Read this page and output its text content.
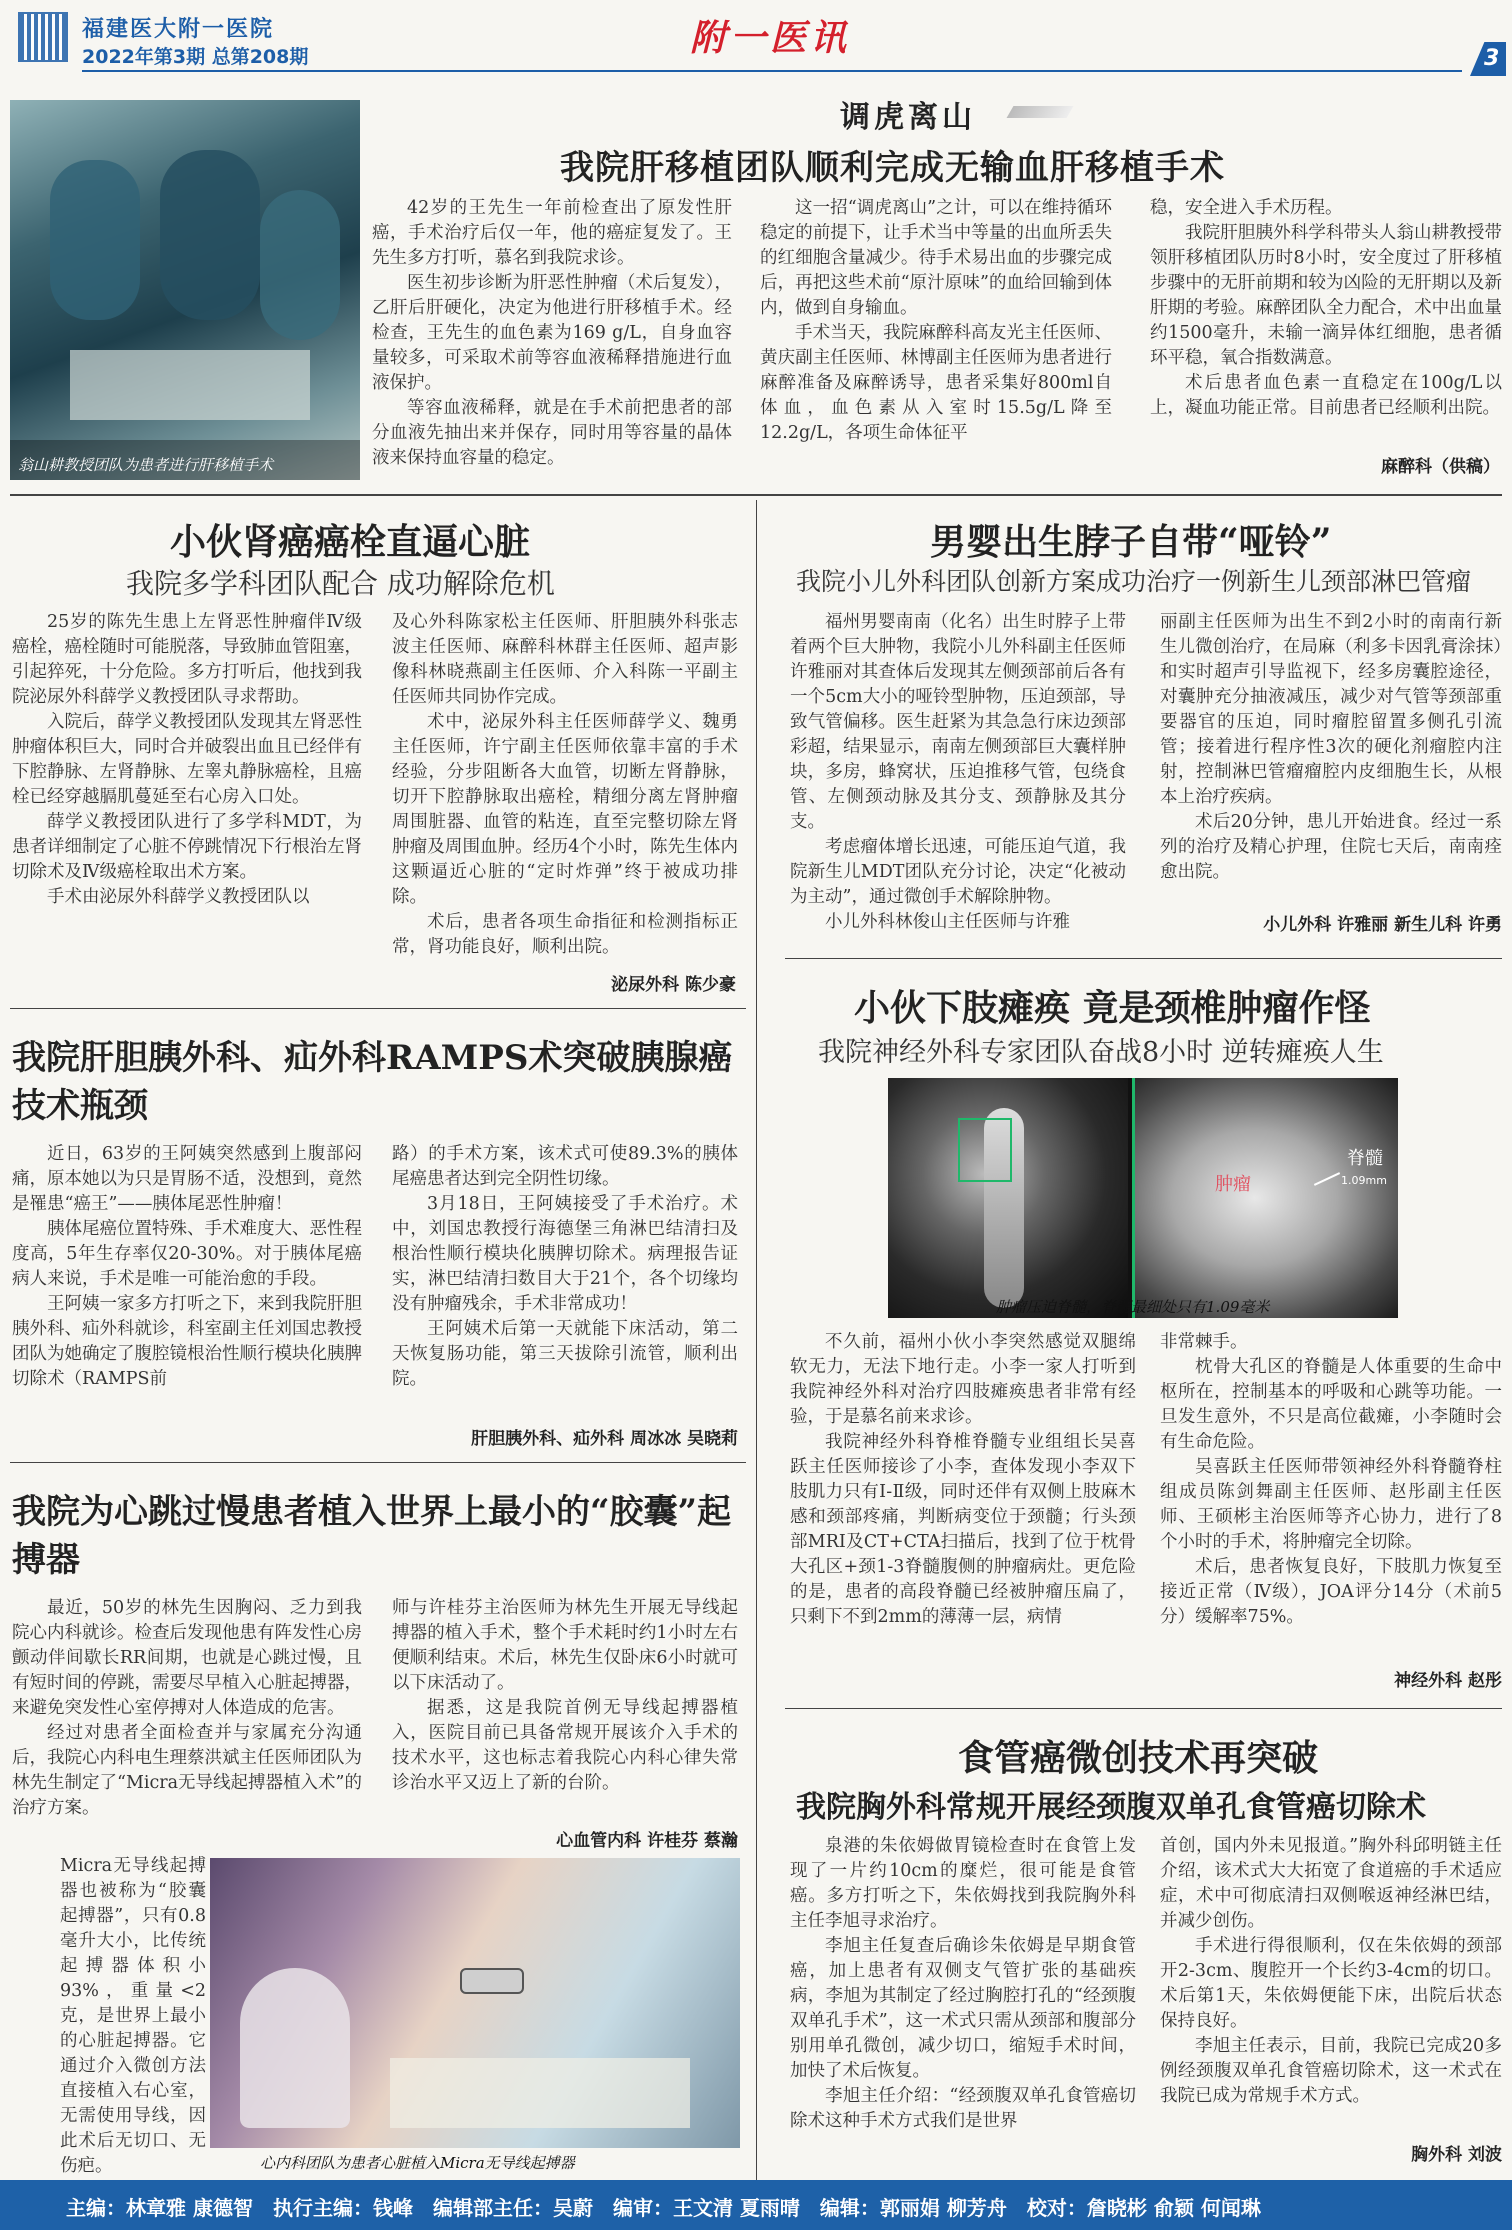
福建医大附一医院
2022年第3期 总第208期	附一医讯	3
翁山耕教授团队为患者进行肝移植手术
调虎离山
我院肝移植团队顺利完成无输血肝移植手术

42岁的王先生一年前检查出了原发性肝癌，手术治疗后仅一年，他的癌症复发了。王先生多方打听，慕名到我院求诊。

医生初步诊断为肝恶性肿瘤（术后复发），乙肝后肝硬化，决定为他进行肝移植手术。经检查，王先生的血色素为169 g/L，自身血容量较多，可采取术前等容血液稀释措施进行血液保护。

等容血液稀释，就是在手术前把患者的部分血液先抽出来并保存，同时用等容量的晶体液来保持血容量的稳定。

这一招“调虎离山”之计，可以在维持循环稳定的前提下，让手术当中等量的出血所丢失的红细胞含量减少。待手术易出血的步骤完成后，再把这些术前“原汁原味”的血给回输到体内，做到自身输血。

手术当天，我院麻醉科高友光主任医师、黄庆副主任医师、林博副主任医师为患者进行麻醉准备及麻醉诱导，患者采集好800ml自体血，血色素从入室时15.5g/L降至12.2g/L，各项生命体征平

稳，安全进入手术历程。

我院肝胆胰外科学科带头人翁山耕教授带领肝移植团队历时8小时，安全度过了肝移植步骤中的无肝前期和较为凶险的无肝期以及新肝期的考验。麻醉团队全力配合，术中出血量约1500毫升，未输一滴异体红细胞，患者循环平稳，氧合指数满意。

术后患者血色素一直稳定在100g/L以上，凝血功能正常。目前患者已经顺利出院。

麻醉科（供稿）
小伙肾癌癌栓直逼心脏
我院多学科团队配合 成功解除危机

25岁的陈先生患上左肾恶性肿瘤伴Ⅳ级癌栓，癌栓随时可能脱落，导致肺血管阻塞，引起猝死，十分危险。多方打听后，他找到我院泌尿外科薛学义教授团队寻求帮助。

入院后，薛学义教授团队发现其左肾恶性肿瘤体积巨大，同时合并破裂出血且已经伴有下腔静脉、左肾静脉、左睾丸静脉癌栓，且癌栓已经穿越膈肌蔓延至右心房入口处。

薛学义教授团队进行了多学科MDT，为患者详细制定了心脏不停跳情况下行根治左肾切除术及Ⅳ级癌栓取出术方案。

手术由泌尿外科薛学义教授团队以

及心外科陈家松主任医师、肝胆胰外科张志波主任医师、麻醉科林群主任医师、超声影像科林晓燕副主任医师、介入科陈一平副主任医师共同协作完成。

术中，泌尿外科主任医师薛学义、魏勇主任医师，许宁副主任医师依靠丰富的手术经验，分步阻断各大血管，切断左肾静脉，切开下腔静脉取出癌栓，精细分离左肾肿瘤周围脏器、血管的粘连，直至完整切除左肾肿瘤及周围血肿。经历4个小时，陈先生体内这颗逼近心脏的“定时炸弹”终于被成功排除。

术后，患者各项生命指征和检测指标正常，肾功能良好，顺利出院。

泌尿外科 陈少豪
男婴出生脖子自带“哑铃”
我院小儿外科团队创新方案成功治疗一例新生儿颈部淋巴管瘤

福州男婴南南（化名）出生时脖子上带着两个巨大肿物，我院小儿外科副主任医师许雅丽对其查体后发现其左侧颈部前后各有一个5cm大小的哑铃型肿物，压迫颈部，导致气管偏移。医生赶紧为其急急行床边颈部彩超，结果显示，南南左侧颈部巨大囊样肿块，多房，蜂窝状，压迫推移气管，包绕食管、左侧颈动脉及其分支、颈静脉及其分支。

考虑瘤体增长迅速，可能压迫气道，我院新生儿MDT团队充分讨论，决定“化被动为主动”，通过微创手术解除肿物。

小儿外科林俊山主任医师与许雅

丽副主任医师为出生不到2小时的南南行新生儿微创治疗，在局麻（利多卡因乳膏涂抹）和实时超声引导监视下，经多房囊腔途径，对囊肿充分抽液减压，减少对气管等颈部重要器官的压迫，同时瘤腔留置多侧孔引流管；接着进行程序性3次的硬化剂瘤腔内注射，控制淋巴管瘤瘤腔内皮细胞生长，从根本上治疗疾病。

术后20分钟，患儿开始进食。经过一系列的治疗及精心护理，住院七天后，南南痊愈出院。

小儿外科 许雅丽 新生儿科 许勇
我院肝胆胰外科、疝外科RAMPS术突破胰腺癌技术瓶颈

近日，63岁的王阿姨突然感到上腹部闷痛，原本她以为只是胃肠不适，没想到，竟然是罹患“癌王”——胰体尾恶性肿瘤！

胰体尾癌位置特殊、手术难度大、恶性程度高，5年生存率仅20-30%。对于胰体尾癌病人来说，手术是唯一可能治愈的手段。

王阿姨一家多方打听之下，来到我院肝胆胰外科、疝外科就诊，科室副主任刘国忠教授团队为她确定了腹腔镜根治性顺行模块化胰脾切除术（RAMPS前

路）的手术方案，该术式可使89.3%的胰体尾癌患者达到完全阴性切缘。

3月18日，王阿姨接受了手术治疗。术中，刘国忠教授行海德堡三角淋巴结清扫及根治性顺行模块化胰脾切除术。病理报告证实，淋巴结清扫数目大于21个，各个切缘均没有肿瘤残余，手术非常成功！

王阿姨术后第一天就能下床活动，第二天恢复肠功能，第三天拔除引流管，顺利出院。

肝胆胰外科、疝外科 周冰冰 吴晓莉
小伙下肢瘫痪 竟是颈椎肿瘤作怪
我院神经外科专家团队奋战8小时 逆转瘫痪人生
肿瘤
脊髓
1.09mm
肿瘤压迫脊髓，脊髓最细处只有1.09毫米

不久前，福州小伙小李突然感觉双腿绵软无力，无法下地行走。小李一家人打听到我院神经外科对治疗四肢瘫痪患者非常有经验，于是慕名前来求诊。

我院神经外科脊椎脊髓专业组组长吴喜跃主任医师接诊了小李，查体发现小李双下肢肌力只有Ⅰ-Ⅱ级，同时还伴有双侧上肢麻木感和颈部疼痛，判断病变位于颈髓；行头颈部MRI及CT+CTA扫描后，找到了位于枕骨大孔区+颈1-3脊髓腹侧的肿瘤病灶。更危险的是，患者的高段脊髓已经被肿瘤压扁了，只剩下不到2mm的薄薄一层，病情

非常棘手。

枕骨大孔区的脊髓是人体重要的生命中枢所在，控制基本的呼吸和心跳等功能。一旦发生意外，不只是高位截瘫，小李随时会有生命危险。

吴喜跃主任医师带领神经外科脊髓脊柱组成员陈剑舞副主任医师、赵彤副主任医师、王硕彬主治医师等齐心协力，进行了8个小时的手术，将肿瘤完全切除。

术后，患者恢复良好，下肢肌力恢复至接近正常（Ⅳ级），JOA评分14分（术前5分）缓解率75%。

神经外科 赵彤
我院为心跳过慢患者植入世界上最小的“胶囊”起搏器

最近，50岁的林先生因胸闷、乏力到我院心内科就诊。检查后发现他患有阵发性心房颤动伴间歇长RR间期，也就是心跳过慢，且有短时间的停跳，需要尽早植入心脏起搏器，来避免突发性心室停搏对人体造成的危害。

经过对患者全面检查并与家属充分沟通后，我院心内科电生理蔡洪斌主任医师团队为林先生制定了“Micra无导线起搏器植入术”的治疗方案。

师与许桂芬主治医师为林先生开展无导线起搏器的植入手术，整个手术耗时约1小时左右便顺利结束。术后，林先生仅卧床6小时就可以下床活动了。

据悉，这是我院首例无导线起搏器植入，医院目前已具备常规开展该介入手术的技术水平，这也标志着我院心内科心律失常诊治水平又迈上了新的台阶。

心血管内科 许桂芬 蔡瀚

Micra无导线起搏器也被称为“胶囊起搏器”，只有0.8毫升大小，比传统起搏器体积小93%，重量<2克，是世界上最小的心脏起搏器。它通过介入微创方法直接植入右心室，无需使用导线，因此术后无切口、无伤疤。	心内科团队为患者心脏植入Micra无导线起搏器
食管癌微创技术再突破
我院胸外科常规开展经颈腹双单孔食管癌切除术

泉港的朱依姆做胃镜检查时在食管上发现了一片约10cm的糜烂，很可能是食管癌。多方打听之下，朱依姆找到我院胸外科主任李旭寻求治疗。

李旭主任复查后确诊朱依姆是早期食管癌，加上患者有双侧支气管扩张的基础疾病，李旭为其制定了经过胸腔打孔的“经颈腹双单孔手术”，这一术式只需从颈部和腹部分别用单孔微创，减少切口，缩短手术时间，加快了术后恢复。

李旭主任介绍：“经颈腹双单孔食管癌切除术这种手术方式我们是世界

首创，国内外未见报道。”胸外科邱明链主任介绍，该术式大大拓宽了食道癌的手术适应症，术中可彻底清扫双侧喉返神经淋巴结，并减少创伤。

手术进行得很顺利，仅在朱依姆的颈部开2-3cm、腹腔开一个长约3-4cm的切口。术后第1天，朱依姆便能下床，出院后状态保持良好。

李旭主任表示，目前，我院已完成20多例经颈腹双单孔食管癌切除术，这一术式在我院已成为常规手术方式。

胸外科 刘波
主编：林章雅 康德智　执行主编：钱峰　编辑部主任：吴蔚　编审：王文清 夏雨晴　编辑：郭丽娟 柳芳舟　校对：詹晓彬 俞颖 何闻琳
